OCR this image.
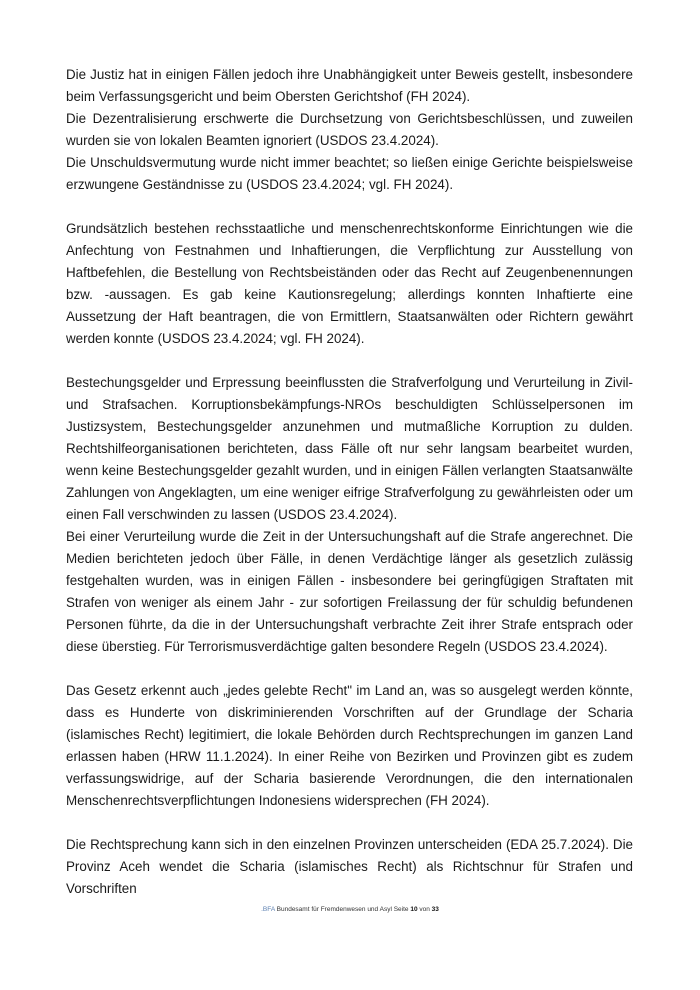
Die Justiz hat in einigen Fällen jedoch ihre Unabhängigkeit unter Beweis gestellt, insbesondere beim Verfassungsgericht und beim Obersten Gerichtshof (FH 2024).

Die Dezentralisierung erschwerte die Durchsetzung von Gerichtsbeschlüssen, und zuweilen wurden sie von lokalen Beamten ignoriert (USDOS 23.4.2024).

Die Unschuldsvermutung wurde nicht immer beachtet; so ließen einige Gerichte beispielsweise erzwungene Geständnisse zu (USDOS 23.4.2024; vgl. FH 2024).

Grundsätzlich bestehen rechsstaatliche und menschenrechtskonforme Einrichtungen wie die Anfechtung von Festnahmen und Inhaftierungen, die Verpflichtung zur Ausstellung von Haftbefehlen, die Bestellung von Rechtsbeiständen oder das Recht auf Zeugenbenennungen bzw. -aussagen. Es gab keine Kautionsregelung; allerdings konnten Inhaftierte eine Aussetzung der Haft beantragen, die von Ermittlern, Staatsanwälten oder Richtern gewährt werden konnte (USDOS 23.4.2024; vgl. FH 2024).

Bestechungsgelder und Erpressung beeinflussten die Strafverfolgung und Verurteilung in Zivil- und Strafsachen. Korruptionsbekämpfungs-NROs beschuldigten Schlüsselpersonen im Justizsystem, Bestechungsgelder anzunehmen und mutmaßliche Korruption zu dulden.

Rechtshilfeorganisationen berichteten, dass Fälle oft nur sehr langsam bearbeitet wurden, wenn keine Bestechungsgelder gezahlt wurden, und in einigen Fällen verlangten Staatsanwälte Zahlungen von Angeklagten, um eine weniger eifrige Strafverfolgung zu gewährleisten oder um einen Fall verschwinden zu lassen (USDOS 23.4.2024).

Bei einer Verurteilung wurde die Zeit in der Untersuchungshaft auf die Strafe angerechnet. Die Medien berichteten jedoch über Fälle, in denen Verdächtige länger als gesetzlich zulässig festgehalten wurden, was in einigen Fällen - insbesondere bei geringfügigen Straftaten mit Strafen von weniger als einem Jahr - zur sofortigen Freilassung der für schuldig befundenen Personen führte, da die in der Untersuchungshaft verbrachte Zeit ihrer Strafe entsprach oder diese überstieg. Für Terrorismusverdächtige galten besondere Regeln (USDOS 23.4.2024).

Das Gesetz erkennt auch „jedes gelebte Recht" im Land an, was so ausgelegt werden könnte, dass es Hunderte von diskriminierenden Vorschriften auf der Grundlage der Scharia (islamisches Recht) legitimiert, die lokale Behörden durch Rechtsprechungen im ganzen Land erlassen haben (HRW 11.1.2024). In einer Reihe von Bezirken und Provinzen gibt es zudem verfassungswidrige, auf der Scharia basierende Verordnungen, die den internationalen Menschenrechtsverpflichtungen Indonesiens widersprechen (FH 2024).

Die Rechtsprechung kann sich in den einzelnen Provinzen unterscheiden (EDA 25.7.2024). Die Provinz Aceh wendet die Scharia (islamisches Recht) als Richtschnur für Strafen und Vorschriften

.BFA Bundesamt für Fremdenwesen und Asyl Seite 10 von 33
